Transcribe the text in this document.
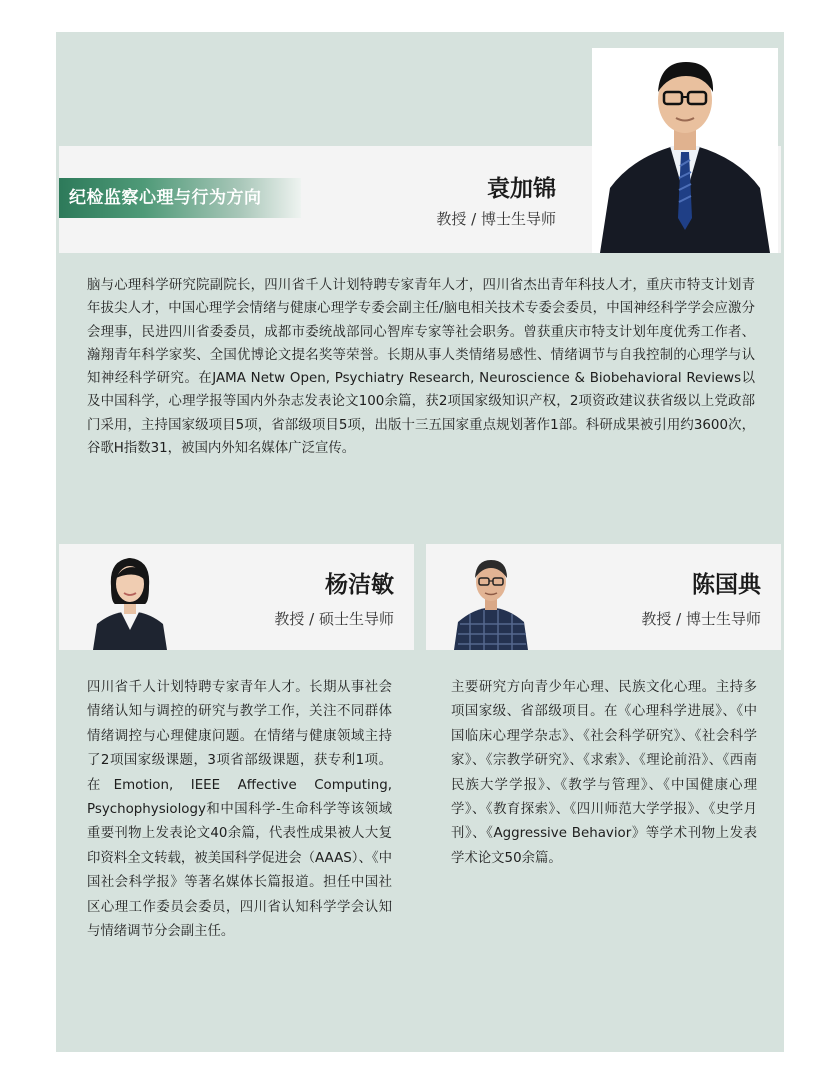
纪检监察心理与行为方向	袁加锦
教授 / 博士生导师
脑与心理科学研究院副院长，四川省千人计划特聘专家青年人才，四川省杰出青年科技人才，重庆市特支计划青年拔尖人才，中国心理学会情绪与健康心理学专委会副主任/脑电相关技术专委会委员，中国神经科学学会应激分会理事，民进四川省委委员，成都市委统战部同心智库专家等社会职务。曾获重庆市特支计划年度优秀工作者、瀚翔青年科学家奖、全国优博论文提名奖等荣誉。长期从事人类情绪易感性、情绪调节与自我控制的心理学与认知神经科学研究。在JAMA Netw Open, Psychiatry Research, Neuroscience & Biobehavioral Reviews以及中国科学，心理学报等国内外杂志发表论文100余篇，获2项国家级知识产权，2项资政建议获省级以上党政部门采用，主持国家级项目5项，省部级项目5项，出版十三五国家重点规划著作1部。科研成果被引用约3600次，谷歌H指数31，被国内外知名媒体广泛宣传。
杨洁敏
教授 / 硕士生导师
陈国典
教授 / 博士生导师
四川省千人计划特聘专家青年人才。长期从事社会情绪认知与调控的研究与教学工作，关注不同群体情绪调控与心理健康问题。在情绪与健康领域主持了2项国家级课题，3项省部级课题，获专利1项。在Emotion, IEEE Affective Computing, Psychophysiology和中国科学-生命科学等该领域重要刊物上发表论文40余篇，代表性成果被人大复印资料全文转载，被美国科学促进会（AAAS）、《中国社会科学报》等著名媒体长篇报道。担任中国社区心理工作委员会委员，四川省认知科学学会认知与情绪调节分会副主任。
主要研究方向青少年心理、民族文化心理。主持多项国家级、省部级项目。在《心理科学进展》、《中国临床心理学杂志》、《社会科学研究》、《社会科学家》、《宗教学研究》、《求索》、《理论前沿》、《西南民族大学学报》、《教学与管理》、《中国健康心理学》、《教育探索》、《四川师范大学学报》、《史学月刊》、《Aggressive Behavior》等学术刊物上发表学术论文50余篇。
